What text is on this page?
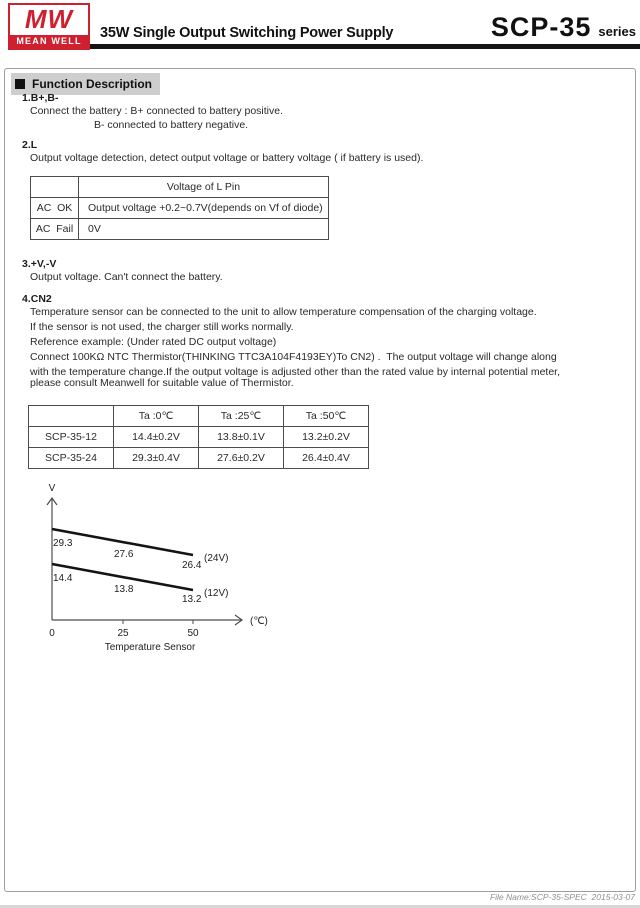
MW
MEAN WELL	35W Single Output Switching Power Supply	SCP-35 series
Function Description
1.B+,B-
Connect the battery : B+ connected to battery positive.
B- connected to battery negative.
2.L
Output voltage detection, detect output voltage or battery voltage ( if battery is used).
	Voltage of L Pin
AC  OK	Output voltage +0.2~0.7V(depends on Vf of diode)
AC  Fail	0V
3.+V,-V
Output voltage. Can't connect the battery.
4.CN2
Temperature sensor can be connected to the unit to allow temperature compensation of the charging voltage.
If the sensor is not used, the charger still works normally.
Reference example: (Under rated DC output voltage)
Connect 100KΩ NTC Thermistor(THINKING TTC3A104F4193EY)To CN2) .  The output voltage will change along
with the temperature change.If the output voltage is adjusted other than the rated value by internal potential meter,
please consult Meanwell for suitable value of Thermistor.
	Ta :0℃	Ta :25℃	Ta :50℃
SCP-35-12	14.4±0.2V	13.8±0.1V	13.2±0.2V
SCP-35-24	29.3±0.4V	27.6±0.2V	26.4±0.4V
V
(℃)
0	25	50
29.3
27.6
26.4
(24V)
14.4
13.8
13.2
(12V)
Temperature Sensor
File Name:SCP-35-SPEC  2015-03-07
